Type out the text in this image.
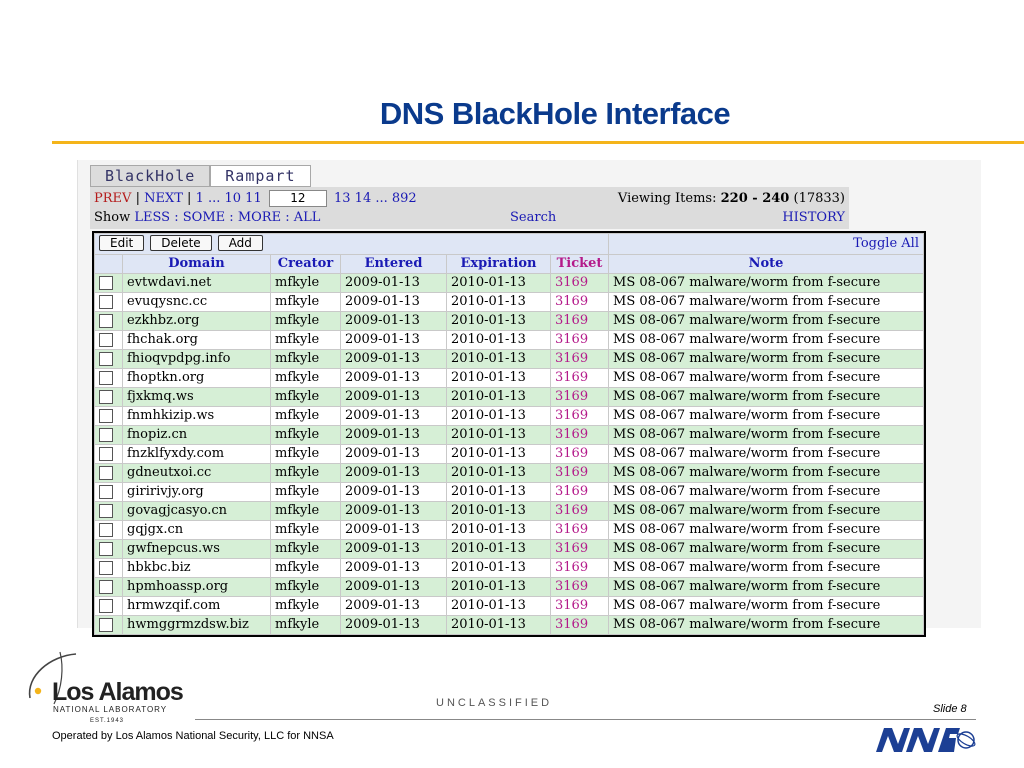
DNS BlackHole Interface
BlackHole	Rampart
PREV | NEXT | 1 ... 10 11 12 13 14 ... 892	Viewing Items: 220 - 240 (17833)
Show LESS : SOME : MORE : ALL	Search	HISTORY
Edit Delete Add						Toggle All
	Domain	Creator	Entered	Expiration	Ticket	Note
	evtwdavi.net	mfkyle	2009-01-13	2010-01-13	3169	MS 08-067 malware/worm from f-secure
	evuqysnc.cc	mfkyle	2009-01-13	2010-01-13	3169	MS 08-067 malware/worm from f-secure
	ezkhbz.org	mfkyle	2009-01-13	2010-01-13	3169	MS 08-067 malware/worm from f-secure
	fhchak.org	mfkyle	2009-01-13	2010-01-13	3169	MS 08-067 malware/worm from f-secure
	fhioqvpdpg.info	mfkyle	2009-01-13	2010-01-13	3169	MS 08-067 malware/worm from f-secure
	fhoptkn.org	mfkyle	2009-01-13	2010-01-13	3169	MS 08-067 malware/worm from f-secure
	fjxkmq.ws	mfkyle	2009-01-13	2010-01-13	3169	MS 08-067 malware/worm from f-secure
	fnmhkizip.ws	mfkyle	2009-01-13	2010-01-13	3169	MS 08-067 malware/worm from f-secure
	fnopiz.cn	mfkyle	2009-01-13	2010-01-13	3169	MS 08-067 malware/worm from f-secure
	fnzklfyxdy.com	mfkyle	2009-01-13	2010-01-13	3169	MS 08-067 malware/worm from f-secure
	gdneutxoi.cc	mfkyle	2009-01-13	2010-01-13	3169	MS 08-067 malware/worm from f-secure
	giririvjy.org	mfkyle	2009-01-13	2010-01-13	3169	MS 08-067 malware/worm from f-secure
	govagjcasyo.cn	mfkyle	2009-01-13	2010-01-13	3169	MS 08-067 malware/worm from f-secure
	gqjgx.cn	mfkyle	2009-01-13	2010-01-13	3169	MS 08-067 malware/worm from f-secure
	gwfnepcus.ws	mfkyle	2009-01-13	2010-01-13	3169	MS 08-067 malware/worm from f-secure
	hbkbc.biz	mfkyle	2009-01-13	2010-01-13	3169	MS 08-067 malware/worm from f-secure
	hpmhoassp.org	mfkyle	2009-01-13	2010-01-13	3169	MS 08-067 malware/worm from f-secure
	hrmwzqif.com	mfkyle	2009-01-13	2010-01-13	3169	MS 08-067 malware/worm from f-secure
	hwmggrmzdsw.biz	mfkyle	2009-01-13	2010-01-13	3169	MS 08-067 malware/worm from f-secure
Los Alamos
NATIONAL LABORATORY
EST.1943
UNCLASSIFIED	Slide 8
Operated by Los Alamos National Security, LLC for NNSA
